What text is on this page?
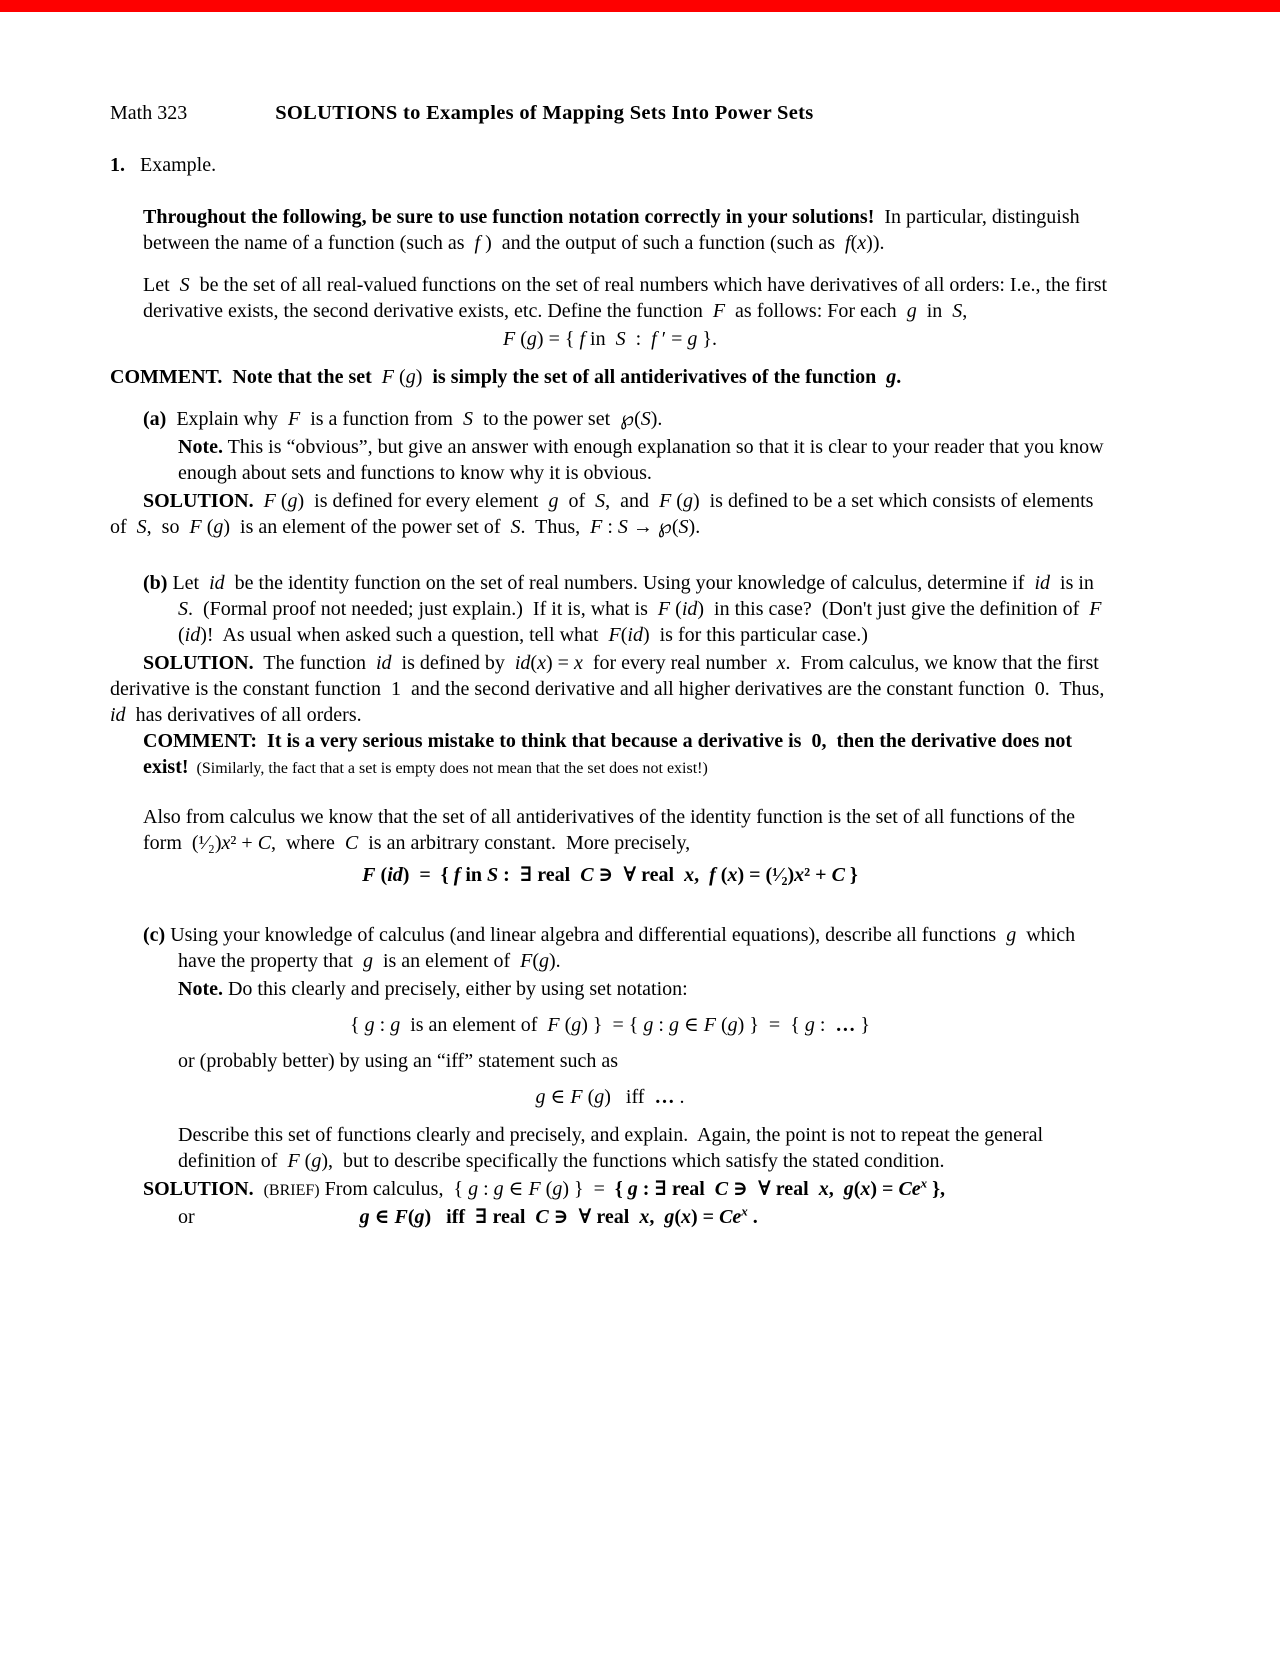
Math 323	SOLUTIONS to Examples of Mapping Sets Into Power Sets
1.   Example.
Throughout the following, be sure to use function notation correctly in your solutions!  In particular, distinguish between the name of a function (such as  f )  and the output of such a function (such as  f(x)).
Let  S  be the set of all real-valued functions on the set of real numbers which have derivatives of all orders: I.e., the first derivative exists, the second derivative exists, etc. Define the function  F  as follows: For each  g  in  S,
F (g) = { f in  S  :  f ′ = g }.
COMMENT.  Note that the set  F (g)  is simply the set of all antiderivatives of the function  g.
(a)  Explain why  F  is a function from  S  to the power set  ℘(S).
Note. This is “obvious”, but give an answer with enough explanation so that it is clear to your reader that you know enough about sets and functions to know why it is obvious.
SOLUTION. F (g)  is defined for every element  g  of  S,  and  F (g)  is defined to be a set which consists of elements of  S,  so  F (g)  is an element of the power set of  S.  Thus,  F : S → ℘(S).
(b) Let  id  be the identity function on the set of real numbers. Using your knowledge of calculus, determine if  id  is in  S.  (Formal proof not needed; just explain.)  If it is, what is  F (id)  in this case?  (Don't just give the definition of  F (id)!  As usual when asked such a question, tell what  F(id)  is for this particular case.)
SOLUTION.  The function  id  is defined by  id(x) = x  for every real number  x.  From calculus, we know that the first derivative is the constant function  1  and the second derivative and all higher derivatives are the constant function  0.  Thus,  id  has derivatives of all orders.
COMMENT:  It is a very serious mistake to think that because a derivative is  0,  then the derivative does not exist!  (Similarly, the fact that a set is empty does not mean that the set does not exist!)
Also from calculus we know that the set of all antiderivatives of the identity function is the set of all functions of the form  (¹⁄₂)x² + C,  where  C  is an arbitrary constant.  More precisely,
F (id)  =  { f in S :  ∃ real  C ∋  ∀ real  x,  f (x) = (¹⁄₂)x² + C }
(c) Using your knowledge of calculus (and linear algebra and differential equations), describe all functions  g  which have the property that  g  is an element of  F(g).
Note. Do this clearly and precisely, either by using set notation:
{ g : g  is an element of  F (g) }  = { g : g ∈ F (g) }  =  { g :  … }
or (probably better) by using an “iff” statement such as
g ∈ F (g)   iff  … .
Describe this set of functions clearly and precisely, and explain.  Again, the point is not to repeat the general definition of  F (g),  but to describe specifically the functions which satisfy the stated condition.
SOLUTION. (BRIEF) From calculus,  { g : g ∈ F (g) }  =  { g : ∃ real  C ∋  ∀ real  x,  $g(x) = Ce^x$ },
or                                 g ∈ F(g)   iff  ∃ real  C ∋  ∀ real  x,  $g(x) = Ce^x$ .
